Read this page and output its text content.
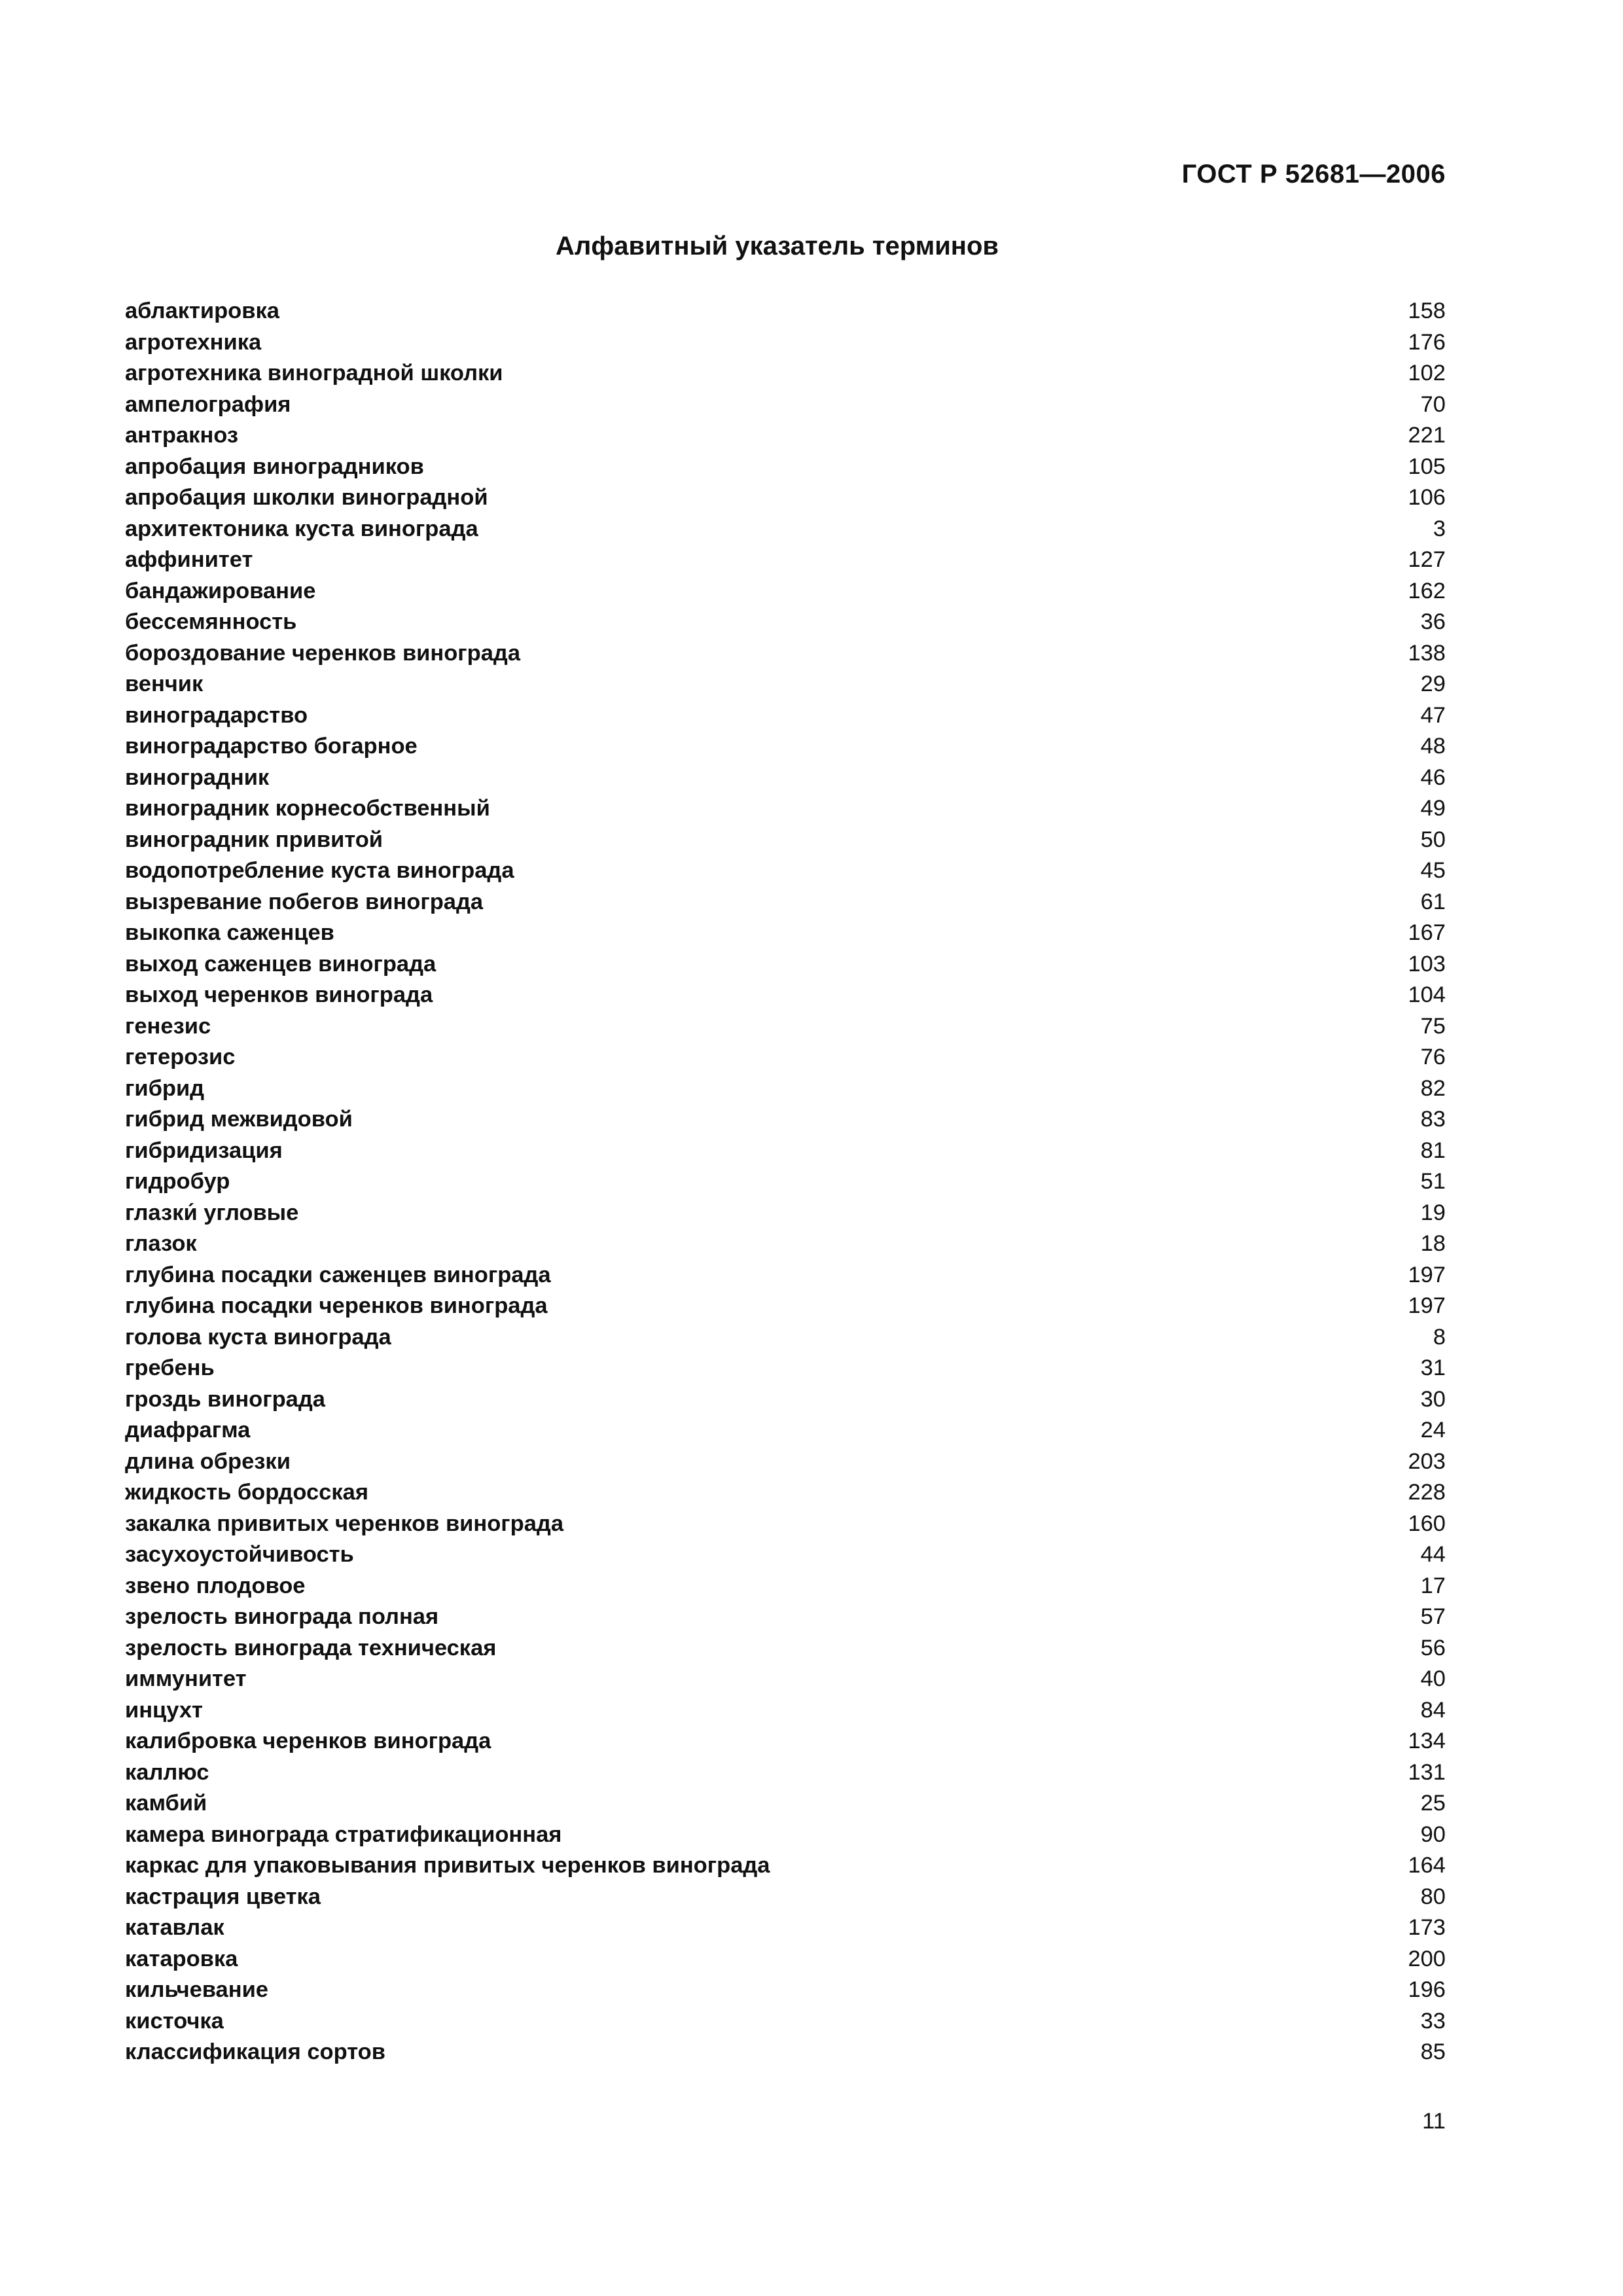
ГОСТ Р 52681—2006
Алфавитный указатель терминов
аблактировка	158
агротехника	176
агротехника виноградной школки	102
ампелография	70
антракноз	221
апробация виноградников	105
апробация школки виноградной	106
архитектоника куста винограда	3
аффинитет	127
бандажирование	162
бессемянность	36
бороздование черенков винограда	138
венчик	29
виноградарство	47
виноградарство богарное	48
виноградник	46
виноградник корнесобственный	49
виноградник привитой	50
водопотребление куста винограда	45
вызревание побегов винограда	61
выкопка саженцев	167
выход саженцев винограда	103
выход черенков винограда	104
генезис	75
гетерозис	76
гибрид	82
гибрид межвидовой	83
гибридизация	81
гидробур	51
глазки́ угловые	19
глазок	18
глубина посадки саженцев винограда	197
глубина посадки черенков винограда	197
голова куста винограда	8
гребень	31
гроздь винограда	30
диафрагма	24
длина обрезки	203
жидкость бордосская	228
закалка привитых черенков винограда	160
засухоустойчивость	44
звено плодовое	17
зрелость винограда полная	57
зрелость винограда техническая	56
иммунитет	40
инцухт	84
калибровка черенков винограда	134
каллюс	131
камбий	25
камера винограда стратификационная	90
каркас для упаковывания привитых черенков винограда	164
кастрация цветка	80
катавлак	173
катаровка	200
кильчевание	196
кисточка	33
классификация сортов	85
11
